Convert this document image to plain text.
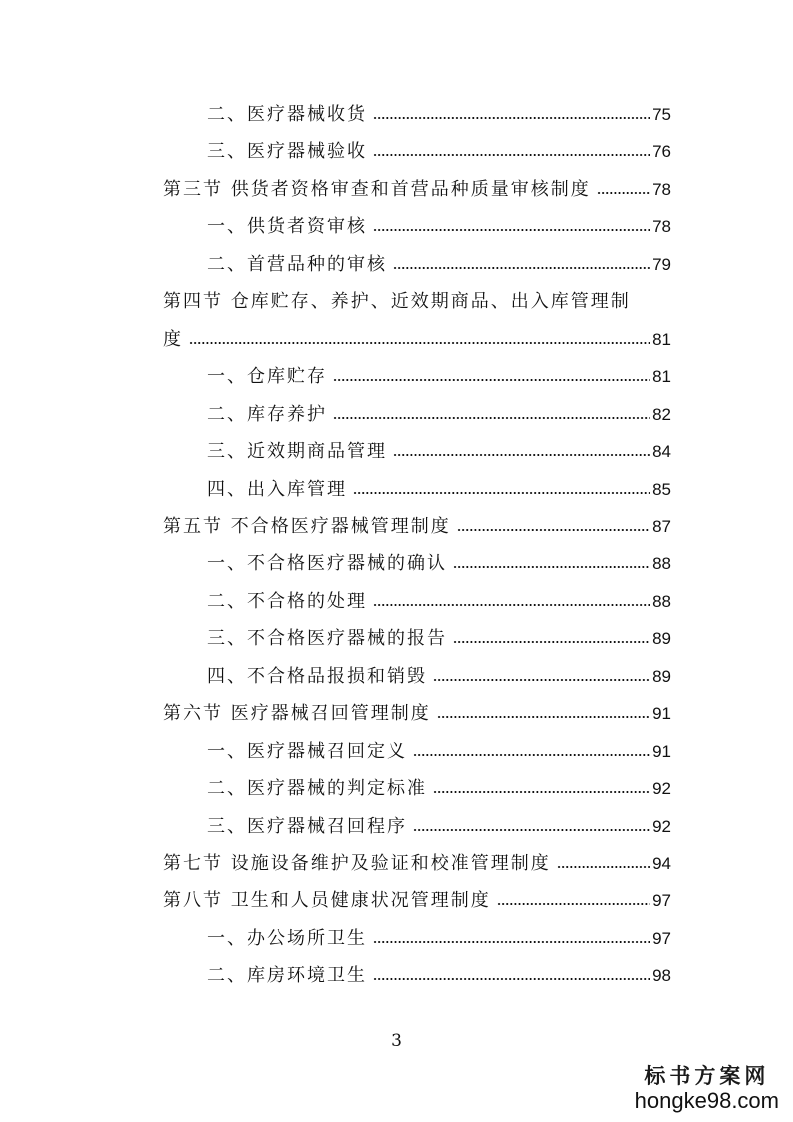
二、医疗器械收货	75
三、医疗器械验收	76
第三节 供货者资格审查和首营品种质量审核制度	78
一、供货者资审核	78
二、首营品种的审核	79
第四节 仓库贮存、养护、近效期商品、出入库管理制
度	81
一、仓库贮存	81
二、库存养护	82
三、近效期商品管理	84
四、出入库管理	85
第五节 不合格医疗器械管理制度	87
一、不合格医疗器械的确认	88
二、不合格的处理	88
三、不合格医疗器械的报告	89
四、不合格品报损和销毁	89
第六节 医疗器械召回管理制度	91
一、医疗器械召回定义	91
二、医疗器械的判定标准	92
三、医疗器械召回程序	92
第七节 设施设备维护及验证和校准管理制度	94
第八节 卫生和人员健康状况管理制度	97
一、办公场所卫生	97
二、库房环境卫生	98
3
标书方案网
hongke98.com
